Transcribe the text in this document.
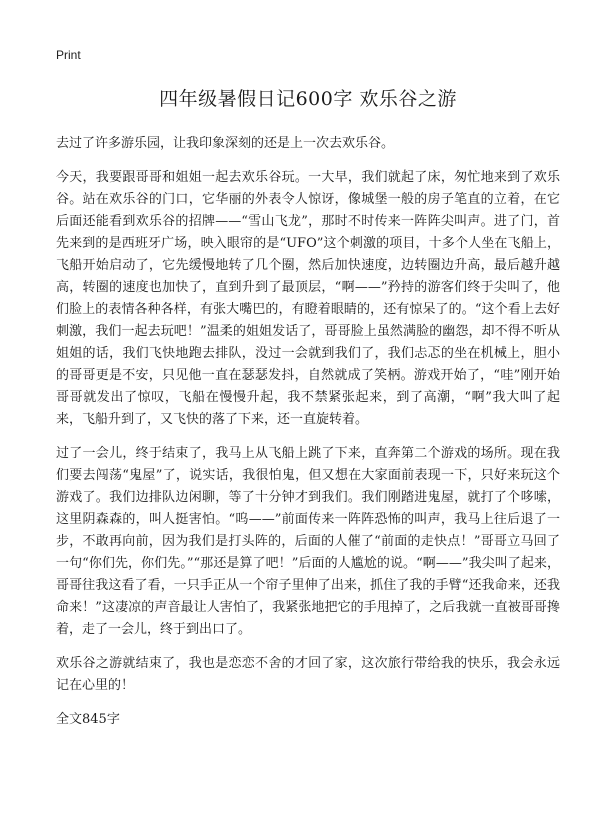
Print
四年级暑假日记600字 欢乐谷之游

去过了许多游乐园，让我印象深刻的还是上一次去欢乐谷。

今天，我要跟哥哥和姐姐一起去欢乐谷玩。一大早，我们就起了床，匆忙地来到了欢乐谷。站在欢乐谷的门口，它华丽的外表令人惊讶，像城堡一般的房子笔直的立着，在它后面还能看到欢乐谷的招牌——“雪山飞龙”，那时不时传来一阵阵尖叫声。进了门，首先来到的是西班牙广场，映入眼帘的是“UFO”这个刺激的项目，十多个人坐在飞船上，飞船开始启动了，它先缓慢地转了几个圈，然后加快速度，边转圈边升高，最后越升越高，转圈的速度也加快了，直到升到了最顶层，“啊——”矜持的游客们终于尖叫了，他们脸上的表情各种各样，有张大嘴巴的，有瞪着眼睛的，还有惊呆了的。“这个看上去好刺激，我们一起去玩吧！”温柔的姐姐发话了，哥哥脸上虽然满脸的幽怨，却不得不听从姐姐的话，我们飞快地跑去排队，没过一会就到我们了，我们忐忑的坐在机械上，胆小的哥哥更是不安，只见他一直在瑟瑟发抖，自然就成了笑柄。游戏开始了，“哇”刚开始哥哥就发出了惊叹，飞船在慢慢升起，我不禁紧张起来，到了高潮，“啊”我大叫了起来，飞船升到了，又飞快的落了下来，还一直旋转着。

过了一会儿，终于结束了，我马上从飞船上跳了下来，直奔第二个游戏的场所。现在我们要去闯荡“鬼屋”了，说实话，我很怕鬼，但又想在大家面前表现一下，只好来玩这个游戏了。我们边排队边闲聊，等了十分钟才到我们。我们刚踏进鬼屋，就打了个哆嗦，这里阴森森的，叫人挺害怕。“呜——”前面传来一阵阵恐怖的叫声，我马上往后退了一步，不敢再向前，因为我们是打头阵的，后面的人催了“前面的走快点！”哥哥立马回了一句“你们先，你们先。”“那还是算了吧！”后面的人尴尬的说。“啊——”我尖叫了起来，哥哥往我这看了看，一只手正从一个帘子里伸了出来，抓住了我的手臂“还我命来，还我命来！”这凄凉的声音最让人害怕了，我紧张地把它的手甩掉了，之后我就一直被哥哥搀着，走了一会儿，终于到出口了。

欢乐谷之游就结束了，我也是恋恋不舍的才回了家，这次旅行带给我的快乐，我会永远记在心里的！

全文845字
